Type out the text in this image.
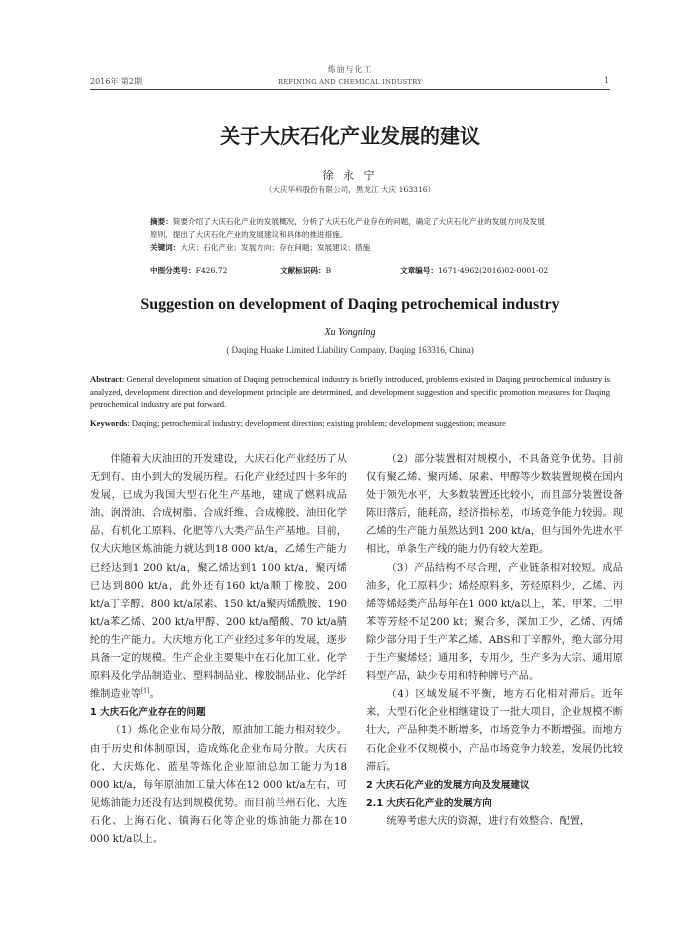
2016年 第2期
炼油与化工
REFINING AND CHEMICAL INDUSTRY	1
关于大庆石化产业发展的建议
徐 永 宁
（大庆华科股份有限公司，黑龙江 大庆 163316）
摘要：简要介绍了大庆石化产业的发展概况，分析了大庆石化产业存在的问题，确定了大庆石化产业的发展方向及发展原则，提出了大庆石化产业的发展建议和具体的推进措施。
关键词：大庆；石化产业；发展方向；存在问题；发展建议；措施
中图分类号：F426.72	文献标识码：B	文章编号：1671-4962(2016)02-0001-02
Suggestion on development of Daqing petrochemical industry
Xu Yongning
( Daqing Huake Limited Liability Company, Daqing 163316, China)
Abstract: General development situation of Daqing petrochemical industry is briefly introduced, problems existed in Daqing petrochemical industry is analyzed, development direction and development principle are determined, and development suggestion and specific promotion measures for Daqing petrochemical industry are put forward.
Keywords: Daqing; petrochemical industry; development direction; existing problem; development suggestion; measure

伴随着大庆油田的开发建设，大庆石化产业经历了从无到有、由小到大的发展历程。石化产业经过四十多年的发展，已成为我国大型石化生产基地，建成了燃料成品油、润滑油、合成树脂、合成纤维、合成橡胶、油田化学品、有机化工原料、化肥等八大类产品生产基地。目前，仅大庆地区炼油能力就达到18 000 kt/a，乙烯生产能力已经达到1 200 kt/a，聚乙烯达到1 100 kt/a，聚丙烯已达到800 kt/a，此外还有160 kt/a顺丁橡胶、200 kt/a丁辛醇、800 kt/a尿素、150 kt/a聚丙烯酰胺、190 kt/a苯乙烯、200 kt/a甲醇、200 kt/a醋酸、70 kt/a腈纶的生产能力。大庆地方化工产业经过多年的发展，逐步具备一定的规模。生产企业主要集中在石化加工业、化学原料及化学品制造业、塑料制品业、橡胶制品业、化学纤维制造业等[1]。

1 大庆石化产业存在的问题

（1）炼化企业布局分散，原油加工能力相对较少。由于历史和体制原因，造成炼化企业布局分散。大庆石化、大庆炼化、蓝星等炼化企业原油总加工能力为18 000 kt/a，每年原油加工量大体在12 000 kt/a左右，可见炼油能力还没有达到规模优势。而目前兰州石化、大连石化、上海石化、镇海石化等企业的炼油能力都在10 000 kt/a以上。

（2）部分装置相对规模小，不具备竞争优势。目前仅有聚乙烯、聚丙烯、尿素、甲醇等少数装置规模在国内处于领先水平，大多数装置还比较小，而且部分装置设备陈旧落后，能耗高，经济指标差，市场竞争能力较弱。现乙烯的生产能力虽然达到1 200 kt/a，但与国外先进水平相比，单条生产线的能力仍有较大差距。

（3）产品结构不尽合理，产业链条相对较短。成品油多，化工原料少；烯烃原料多，芳烃原料少，乙烯、丙烯等烯烃类产品每年在1 000 kt/a以上，苯、甲苯、二甲苯等芳烃不足200 kt；聚合多，深加工少，乙烯、丙烯除少部分用于生产苯乙烯、ABS和丁辛醇外，绝大部分用于生产聚烯烃；通用多，专用少，生产多为大宗、通用原料型产品，缺少专用和特种牌号产品。

（4）区域发展不平衡，地方石化相对滞后。近年来，大型石化企业相继建设了一批大项目，企业规模不断壮大，产品种类不断增多，市场竞争力不断增强。而地方石化企业不仅规模小，产品市场竞争力较差，发展仍比较滞后。

2 大庆石化产业的发展方向及发展建议
2.1 大庆石化产业的发展方向

统筹考虑大庆的资源，进行有效整合、配置，
